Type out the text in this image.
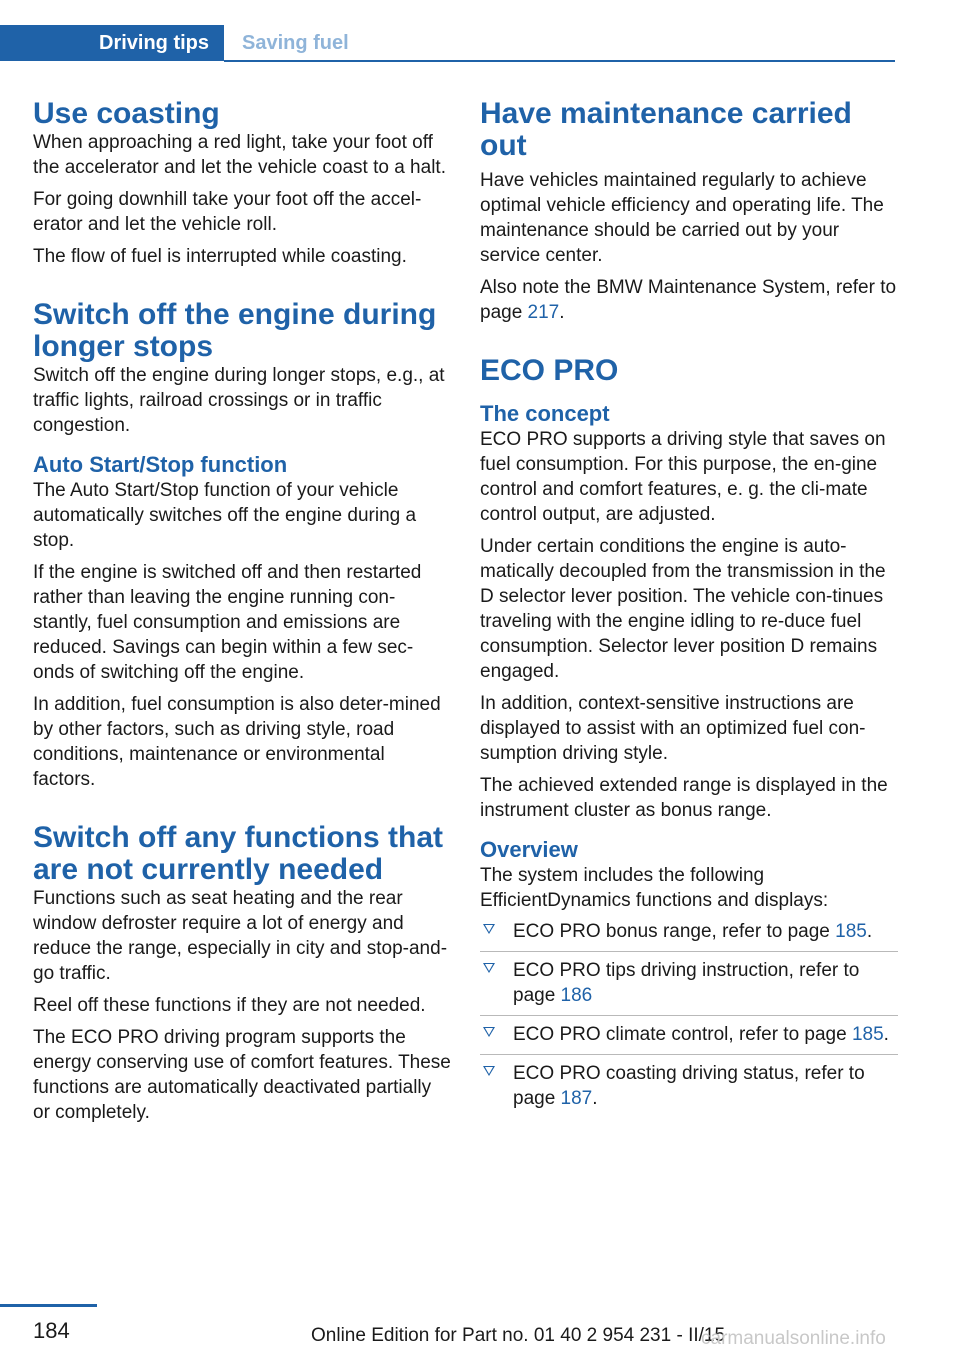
Driving tips	Saving fuel
Use coasting

When approaching a red light, take your foot off the accelerator and let the vehicle coast to a halt.

For going downhill take your foot off the accel‐erator and let the vehicle roll.

The flow of fuel is interrupted while coasting.

Switch off the engine during longer stops

Switch off the engine during longer stops, e.g., at traffic lights, railroad crossings or in traffic congestion.

Auto Start/Stop function

The Auto Start/Stop function of your vehicle automatically switches off the engine during a stop.

If the engine is switched off and then restarted rather than leaving the engine running con‐stantly, fuel consumption and emissions are reduced. Savings can begin within a few sec‐onds of switching off the engine.

In addition, fuel consumption is also deter‐mined by other factors, such as driving style, road conditions, maintenance or environmental factors.

Switch off any functions that are not currently needed

Functions such as seat heating and the rear window defroster require a lot of energy and reduce the range, especially in city and stop-and-go traffic.

Reel off these functions if they are not needed.

The ECO PRO driving program supports the energy conserving use of comfort features. These functions are automatically deactivated partially or completely.

Have maintenance carried out

Have vehicles maintained regularly to achieve optimal vehicle efficiency and operating life. The maintenance should be carried out by your service center.

Also note the BMW Maintenance System, refer to page 217.

ECO PRO
The concept

ECO PRO supports a driving style that saves on fuel consumption. For this purpose, the en‐gine control and comfort features, e. g. the cli‐mate control output, are adjusted.

Under certain conditions the engine is auto‐matically decoupled from the transmission in the D selector lever position. The vehicle con‐tinues traveling with the engine idling to re‐duce fuel consumption. Selector lever position D remains engaged.

In addition, context-sensitive instructions are displayed to assist with an optimized fuel con‐sumption driving style.

The achieved extended range is displayed in the instrument cluster as bonus range.

Overview

The system includes the following EfficientDynamics functions and displays:

ECO PRO bonus range, refer to page 185.
ECO PRO tips driving instruction, refer to page 186
ECO PRO climate control, refer to page 185.
ECO PRO coasting driving status, refer to page 187.
184	Online Edition for Part no. 01 40 2 954 231 - II/15
carmanualsonline.info
